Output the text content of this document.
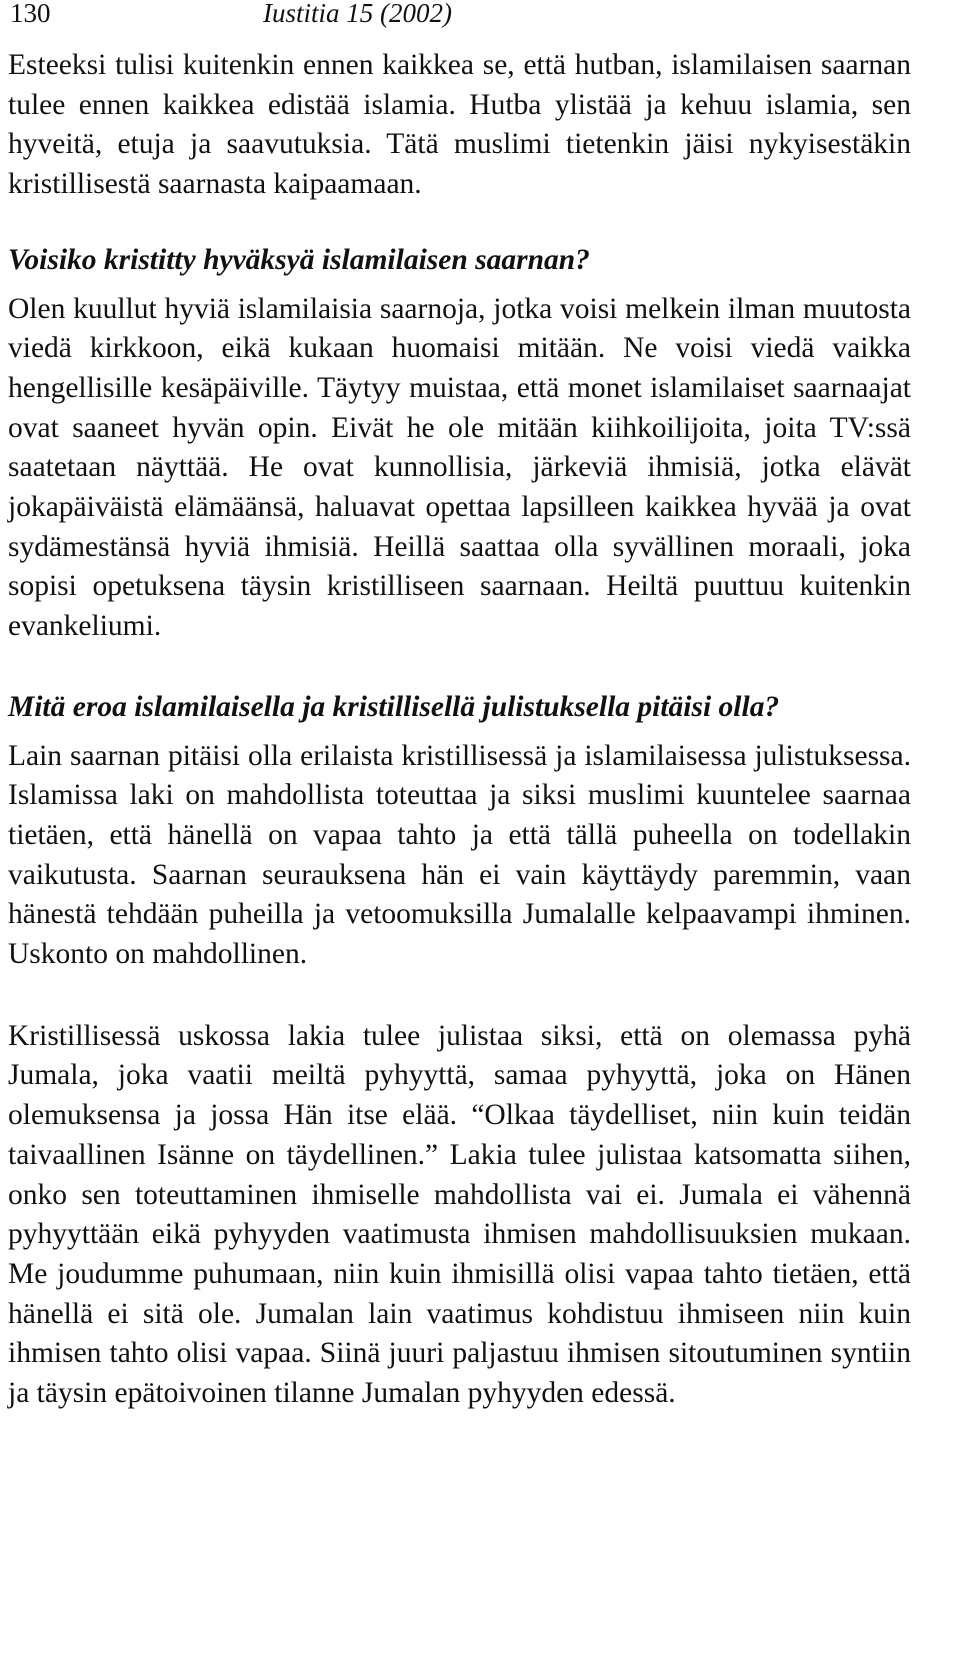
130	Iustitia 15 (2002)

Esteeksi tulisi kuitenkin ennen kaikkea se, että hutban, islamilaisen saarnan tulee ennen kaikkea edistää islamia. Hutba ylistää ja kehuu islamia, sen hyveitä, etuja ja saavutuksia. Tätä muslimi tietenkin jäisi nykyisestäkin kristillisestä saarnasta kaipaamaan.

Voisiko kristitty hyväksyä islamilaisen saarnan?

Olen kuullut hyviä islamilaisia saarnoja, jotka voisi melkein ilman muutosta viedä kirkkoon, eikä kukaan huomaisi mitään. Ne voisi viedä vaikka hengellisille kesäpäiville. Täytyy muistaa, että monet islamilaiset saarnaajat ovat saaneet hyvän opin. Eivät he ole mitään kiihkoilijoita, joita TV:ssä saatetaan näyttää. He ovat kunnollisia, järkeviä ihmisiä, jotka elävät jokapäiväistä elämäänsä, haluavat opettaa lapsilleen kaikkea hyvää ja ovat sydämestänsä hyviä ihmisiä. Heillä saattaa olla syvällinen moraali, joka sopisi opetuksena täysin kristilliseen saarnaan. Heiltä puuttuu kuitenkin evankeliumi.

Mitä eroa islamilaisella ja kristillisellä julistuksella pitäisi olla?

Lain saarnan pitäisi olla erilaista kristillisessä ja islamilaisessa julistuksessa. Islamissa laki on mahdollista toteuttaa ja siksi muslimi kuuntelee saarnaa tietäen, että hänellä on vapaa tahto ja että tällä puheella on todellakin vaikutusta. Saarnan seurauksena hän ei vain käyttäydy paremmin, vaan hänestä tehdään puheilla ja vetoomuksilla Jumalalle kelpaavampi ihminen. Uskonto on mahdollinen.

Kristillisessä uskossa lakia tulee julistaa siksi, että on olemassa pyhä Jumala, joka vaatii meiltä pyhyyttä, samaa pyhyyttä, joka on Hänen olemuksensa ja jossa Hän itse elää. “Olkaa täydelliset, niin kuin teidän taivaallinen Isänne on täydellinen.” Lakia tulee julistaa katsomatta siihen, onko sen toteuttaminen ihmiselle mahdollista vai ei. Jumala ei vähennä pyhyyttään eikä pyhyyden vaatimusta ihmisen mahdollisuuksien mukaan. Me joudumme puhumaan, niin kuin ihmisillä olisi vapaa tahto tietäen, että hänellä ei sitä ole. Jumalan lain vaatimus kohdistuu ihmiseen niin kuin ihmisen tahto olisi vapaa. Siinä juuri paljastuu ihmisen sitoutuminen syntiin ja täysin epätoivoinen tilanne Jumalan pyhyyden edessä.
